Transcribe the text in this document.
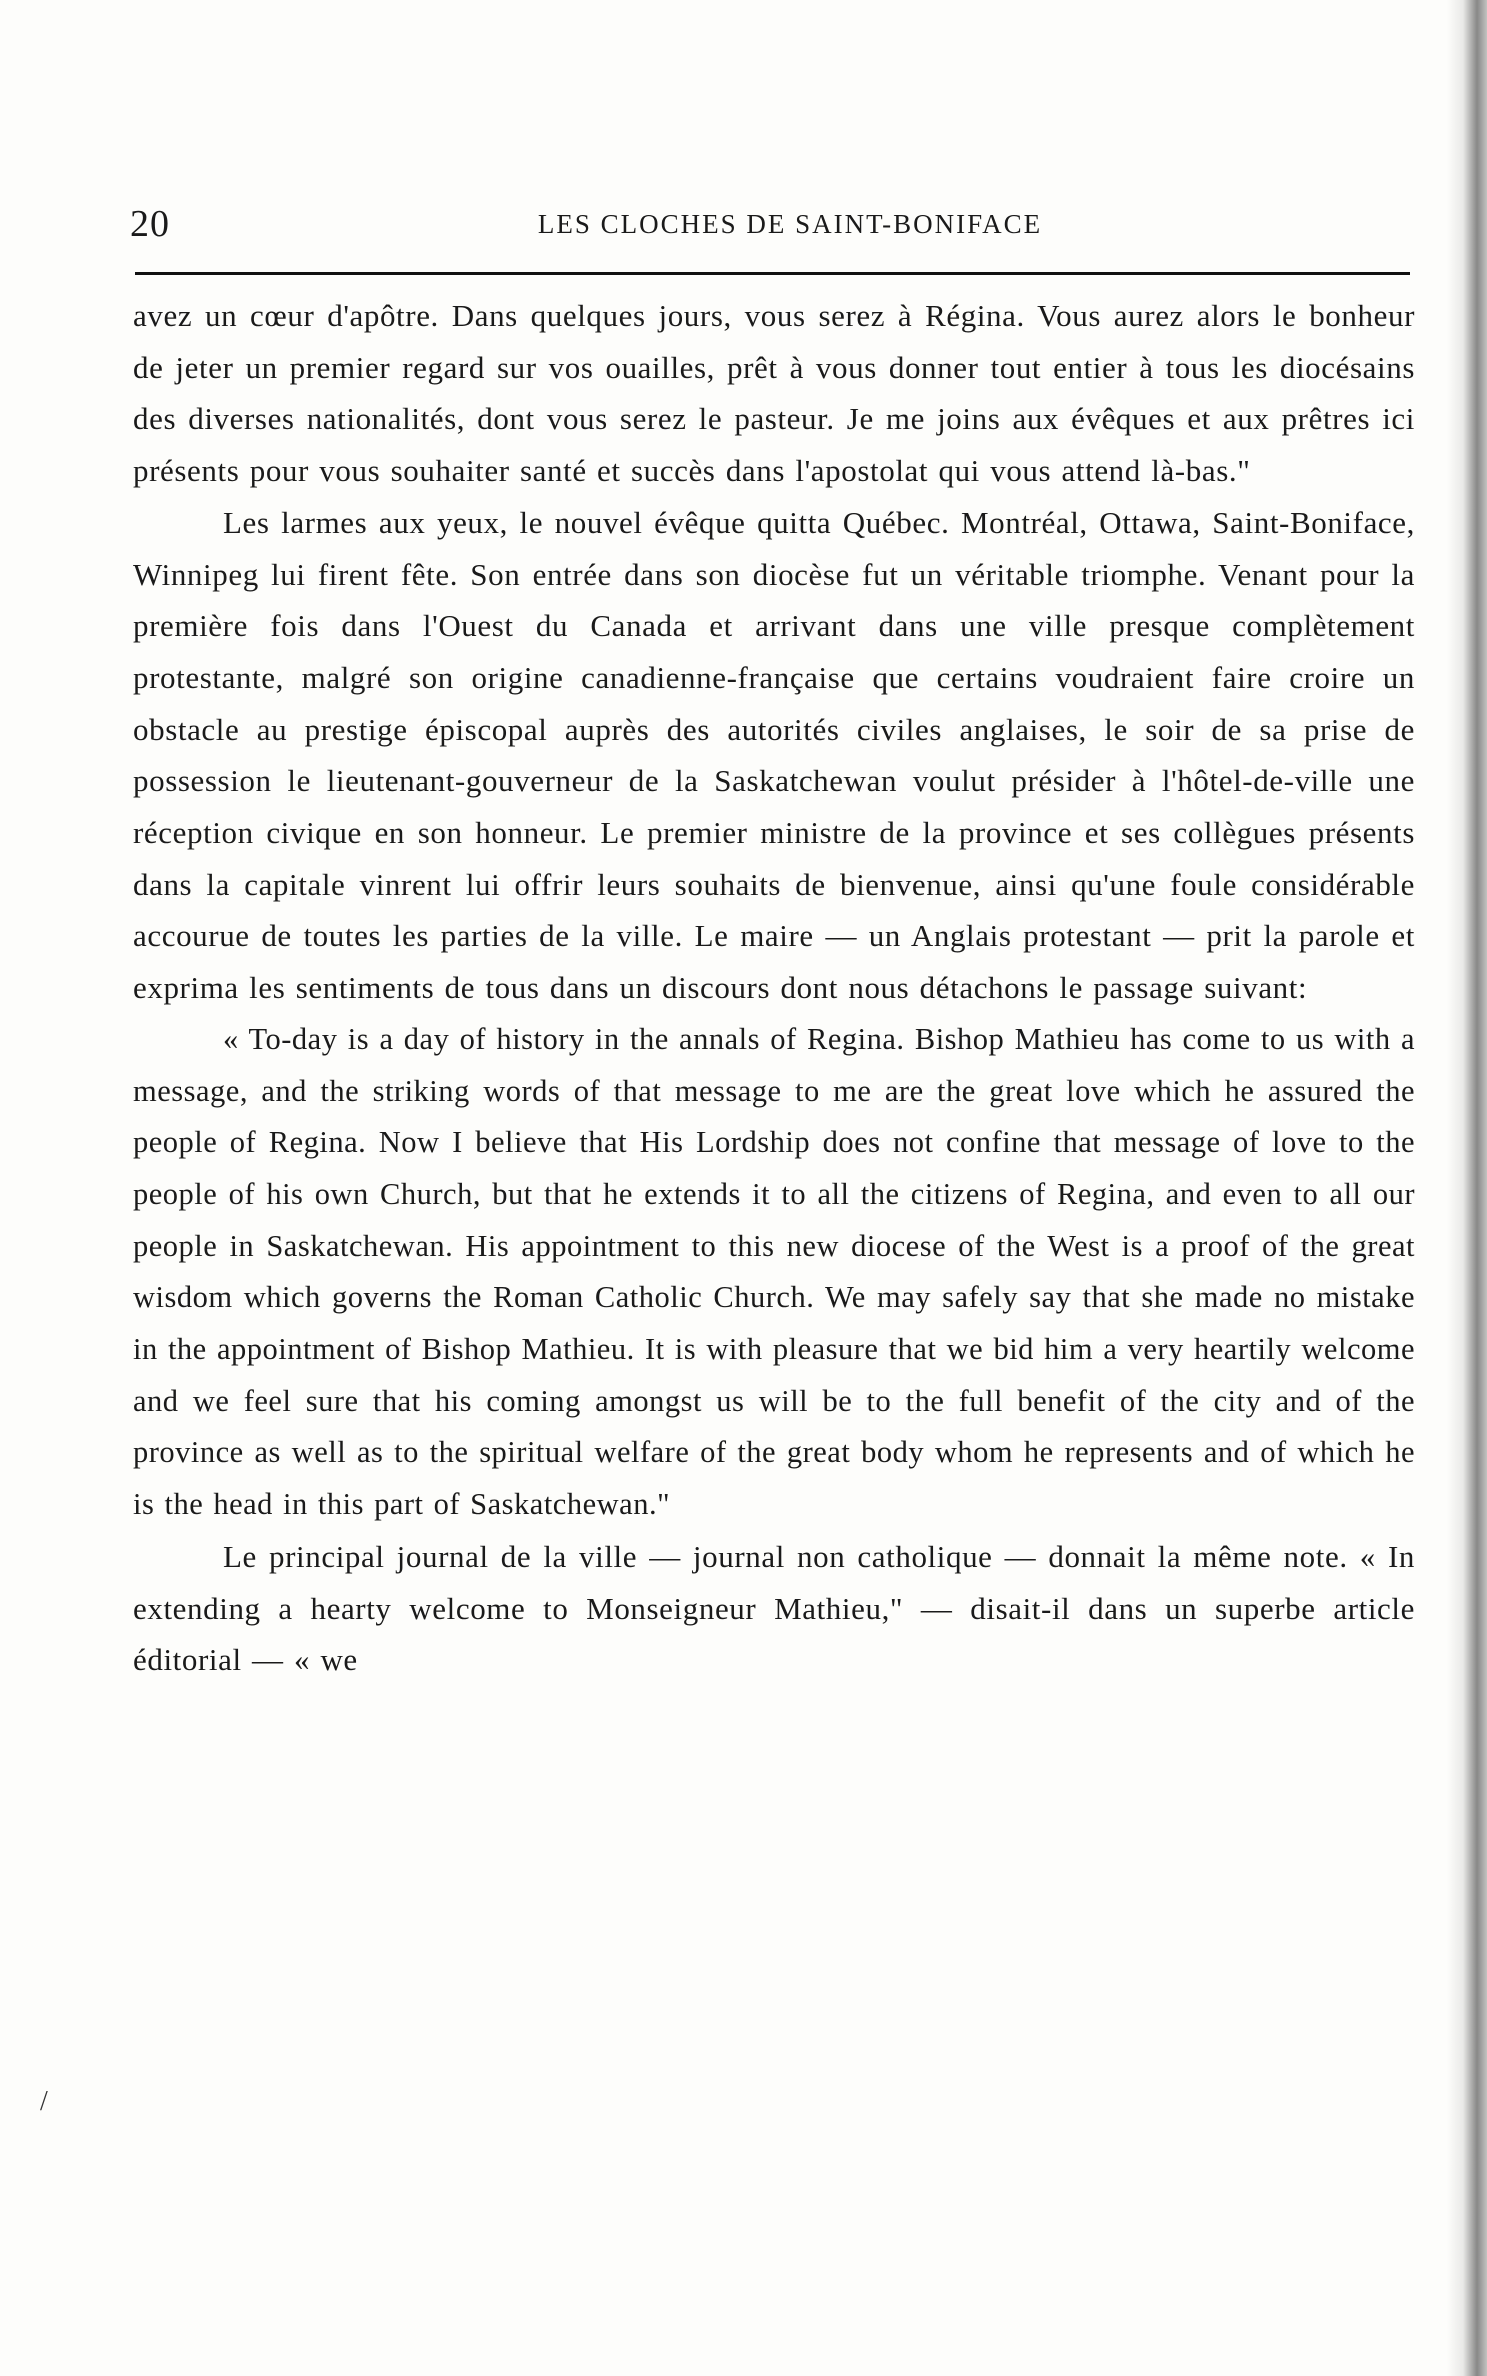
20	LES CLOCHES DE SAINT-BONIFACE

avez un cœur d'apôtre. Dans quelques jours, vous serez à Régina. Vous aurez alors le bonheur de jeter un premier regard sur vos ouailles, prêt à vous donner tout entier à tous les diocésains des diverses nationalités, dont vous serez le pasteur. Je me joins aux évêques et aux prêtres ici présents pour vous souhaiter santé et succès dans l'apostolat qui vous attend là-bas."

Les larmes aux yeux, le nouvel évêque quitta Québec. Montréal, Ottawa, Saint-Boniface, Winnipeg lui firent fête. Son entrée dans son diocèse fut un véritable triomphe. Venant pour la première fois dans l'Ouest du Canada et arrivant dans une ville presque complètement protestante, malgré son origine canadienne-française que certains voudraient faire croire un obstacle au prestige épiscopal auprès des autorités civiles anglaises, le soir de sa prise de possession le lieutenant-gouverneur de la Saskatchewan voulut présider à l'hôtel-de-ville une réception civique en son honneur. Le premier ministre de la province et ses collègues présents dans la capitale vinrent lui offrir leurs souhaits de bienvenue, ainsi qu'une foule considérable accourue de toutes les parties de la ville. Le maire — un Anglais protestant — prit la parole et exprima les sentiments de tous dans un discours dont nous détachons le passage suivant:

« To-day is a day of history in the annals of Regina. Bishop Mathieu has come to us with a message, and the striking words of that message to me are the great love which he assured the people of Regina. Now I believe that His Lordship does not confine that message of love to the people of his own Church, but that he extends it to all the citizens of Regina, and even to all our people in Saskatchewan. His appointment to this new diocese of the West is a proof of the great wisdom which governs the Roman Catholic Church. We may safely say that she made no mistake in the appointment of Bishop Mathieu. It is with pleasure that we bid him a very heartily welcome and we feel sure that his coming amongst us will be to the full benefit of the city and of the province as well as to the spiritual welfare of the great body whom he represents and of which he is the head in this part of Saskatchewan."

Le principal journal de la ville — journal non catholique — donnait la même note. « In extending a hearty welcome to Monseigneur Mathieu," — disait-il dans un superbe article éditorial — « we

/
